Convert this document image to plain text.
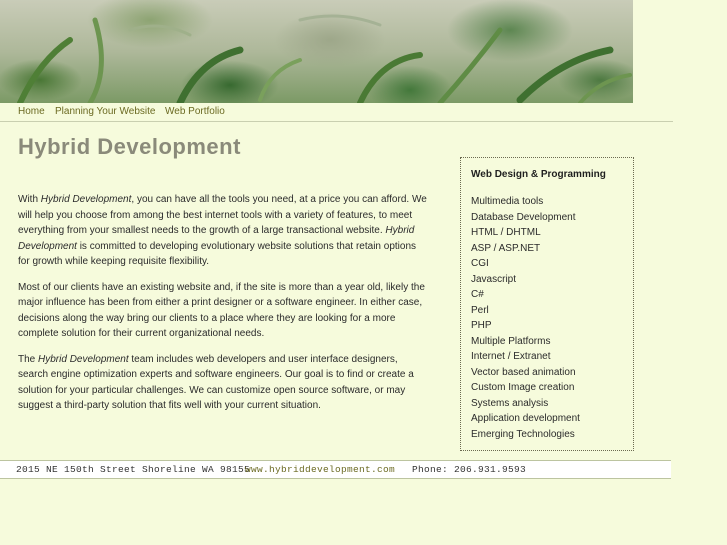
Home Planning Your Website Web Portfolio
Hybrid Development

With Hybrid Development, you can have all the tools you need, at a price you can afford. We will help you choose from among the best internet tools with a variety of features, to meet everything from your smallest needs to the growth of a large transactional website. Hybrid Development is committed to developing evolutionary website solutions that retain options for growth while keeping requisite flexibility.

Most of our clients have an existing website and, if the site is more than a year old, likely the major influence has been from either a print designer or a software engineer. In either case, decisions along the way bring our clients to a place where they are looking for a more complete solution for their current organizational needs.

The Hybrid Development team includes web developers and user interface designers, search engine optimization experts and software engineers. Our goal is to find or create a solution for your particular challenges. We can customize open source software, or may suggest a third-party solution that fits well with your current situation.

Web Design & Programming
Multimedia tools
Database Development
HTML / DHTML
ASP / ASP.NET
CGI
Javascript
C#
Perl
PHP
Multiple Platforms
Internet / Extranet
Vector based animation
Custom Image creation
Systems analysis
Application development
Emerging Technologies
2015 NE 150th Street Shoreline WA 98155
www.hybriddevelopment.com Phone: 206.931.9593
